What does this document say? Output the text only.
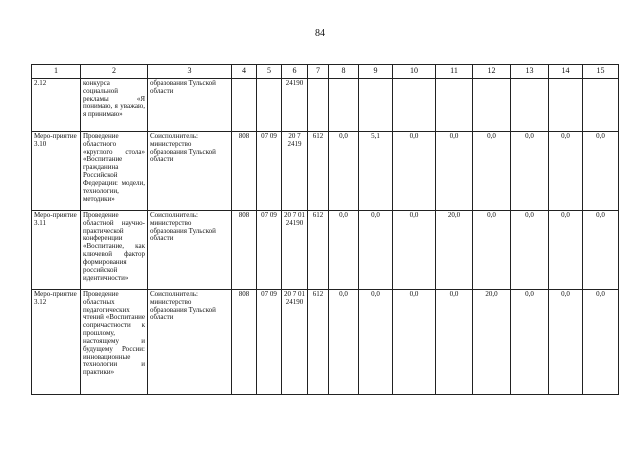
84
1	2	3	4	5	6	7	8	9	10	11	12	13	14	15
2.12	конкурса социальной рекламы «Я понимаю, я уважаю, я принимаю»	образования Тульской области			24190									
Меро-приятие 3.10	Проведение областного «круглого стола» «Воспитание гражданина Российской Федерации: модели, технологии, методики»	Соисполнитель: министерство образования Тульской области	808	07 09	20 7 2419	612	0,0	5,1	0,0	0,0	0,0	0,0	0,0	0,0
Меро-приятие 3.11	Проведение областной научно-практической конференции «Воспитание, как ключевой фактор формирования российской идентичности»	Соисполнитель: министерство образования Тульской области	808	07 09	20 7 01 24190	612	0,0	0,0	0,0	20,0	0,0	0,0	0,0	0,0
Меро-приятие 3.12	Проведение областных педагогических чтений «Воспитание сопричастности к прошлому, настоящему и будущему России: инновационные технологии и практики»	Соисполнитель: министерство образования Тульской области	808	07 09	20 7 01 24190	612	0,0	0,0	0,0	0,0	20,0	0,0	0,0	0,0
